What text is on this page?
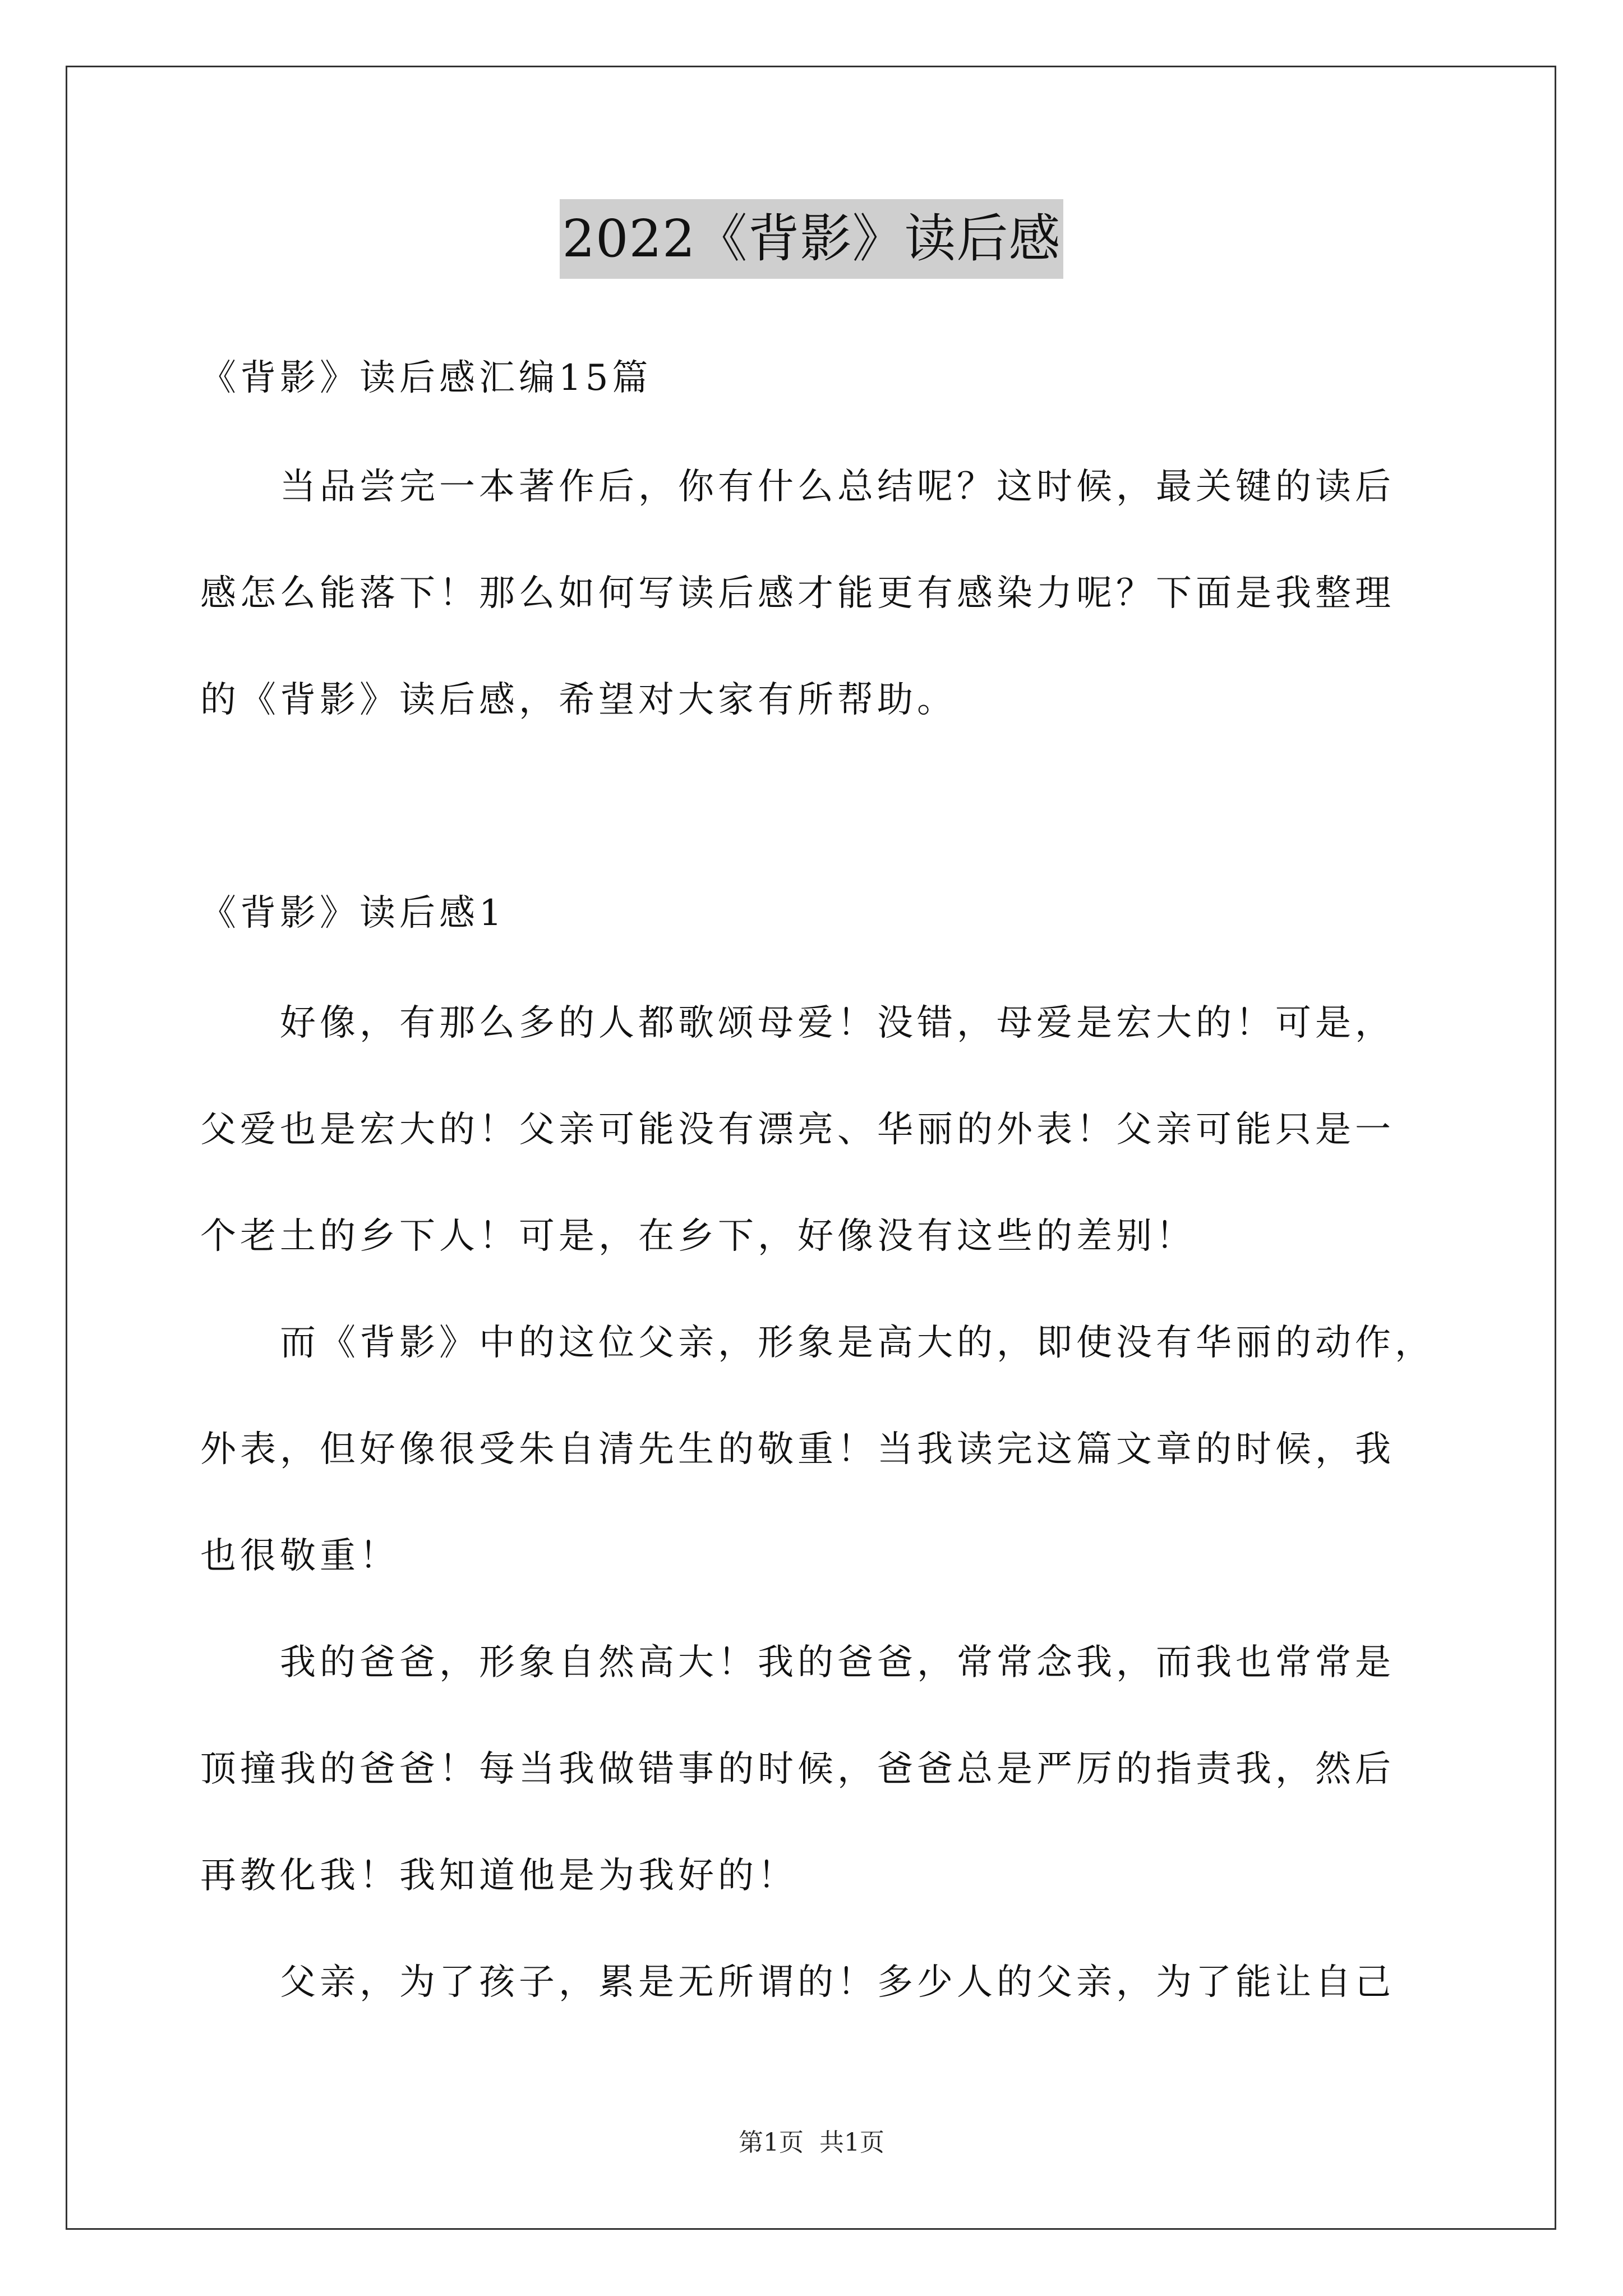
2022《背影》读后感
《背影》读后感汇编15篇
　　当品尝完一本著作后，你有什么总结呢？这时候，最关键的读后
感怎么能落下！那么如何写读后感才能更有感染力呢？下面是我整理
的《背影》读后感，希望对大家有所帮助。
《背影》读后感1
　　好像，有那么多的人都歌颂母爱！没错，母爱是宏大的！可是，
父爱也是宏大的！父亲可能没有漂亮、华丽的外表！父亲可能只是一
个老土的乡下人！可是，在乡下，好像没有这些的差别！
　　而《背影》中的这位父亲，形象是高大的，即使没有华丽的动作，
外表，但好像很受朱自清先生的敬重！当我读完这篇文章的时候，我
也很敬重！
　　我的爸爸，形象自然高大！我的爸爸，常常念我，而我也常常是
顶撞我的爸爸！每当我做错事的时候，爸爸总是严厉的指责我，然后
再教化我！我知道他是为我好的！
　　父亲，为了孩子，累是无所谓的！多少人的父亲，为了能让自己
第1页 共1页
